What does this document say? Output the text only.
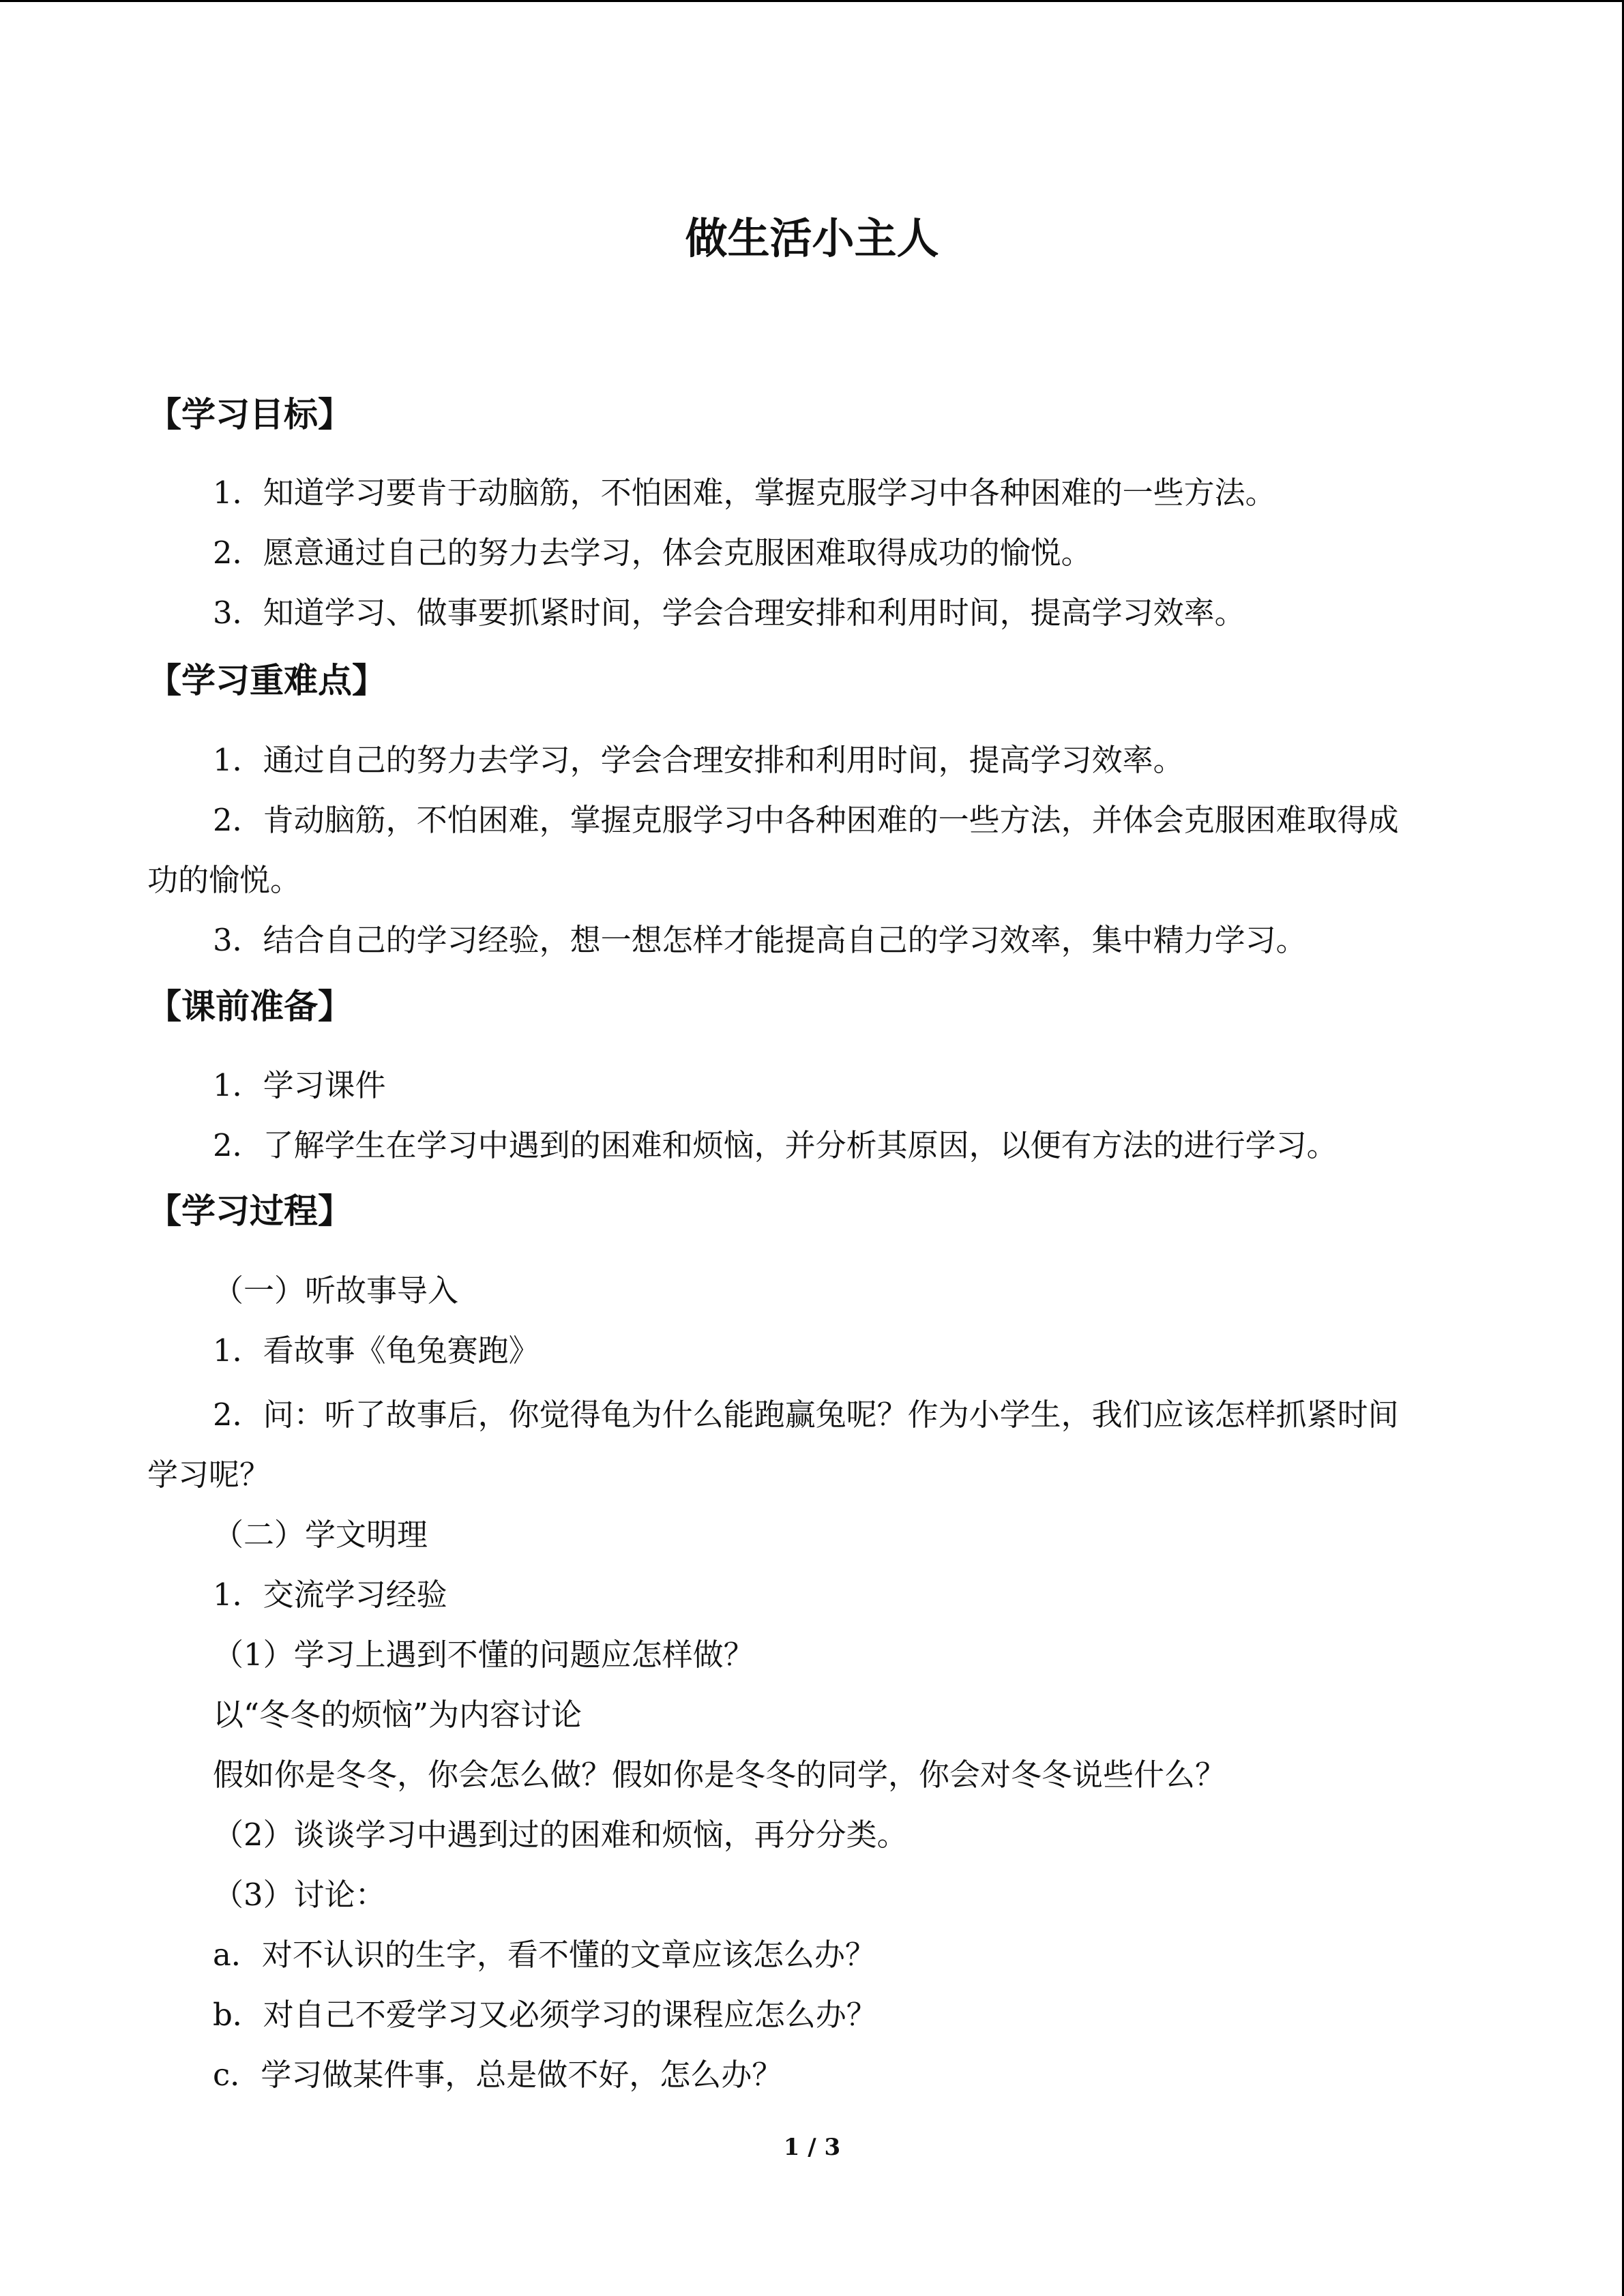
做生活小主人
【学习目标】
1．知道学习要肯于动脑筋，不怕困难，掌握克服学习中各种困难的一些方法。
2．愿意通过自己的努力去学习，体会克服困难取得成功的愉悦。
3．知道学习、做事要抓紧时间，学会合理安排和利用时间，提高学习效率。
【学习重难点】
1．通过自己的努力去学习，学会合理安排和利用时间，提高学习效率。
2．肯动脑筋，不怕困难，掌握克服学习中各种困难的一些方法，并体会克服困难取得成
功的愉悦。
3．结合自己的学习经验，想一想怎样才能提高自己的学习效率，集中精力学习。
【课前准备】
1．学习课件
2．了解学生在学习中遇到的困难和烦恼，并分析其原因，以便有方法的进行学习。
【学习过程】
（一）听故事导入
1．看故事《龟兔赛跑》
2．问：听了故事后，你觉得龟为什么能跑赢兔呢？作为小学生，我们应该怎样抓紧时间
学习呢？
（二）学文明理
1．交流学习经验
（1）学习上遇到不懂的问题应怎样做？
以“冬冬的烦恼”为内容讨论
假如你是冬冬，你会怎么做？假如你是冬冬的同学，你会对冬冬说些什么？
（2）谈谈学习中遇到过的困难和烦恼，再分分类。
（3）讨论：
a．对不认识的生字，看不懂的文章应该怎么办？
b．对自己不爱学习又必须学习的课程应怎么办？
c．学习做某件事，总是做不好，怎么办？
1 / 3
